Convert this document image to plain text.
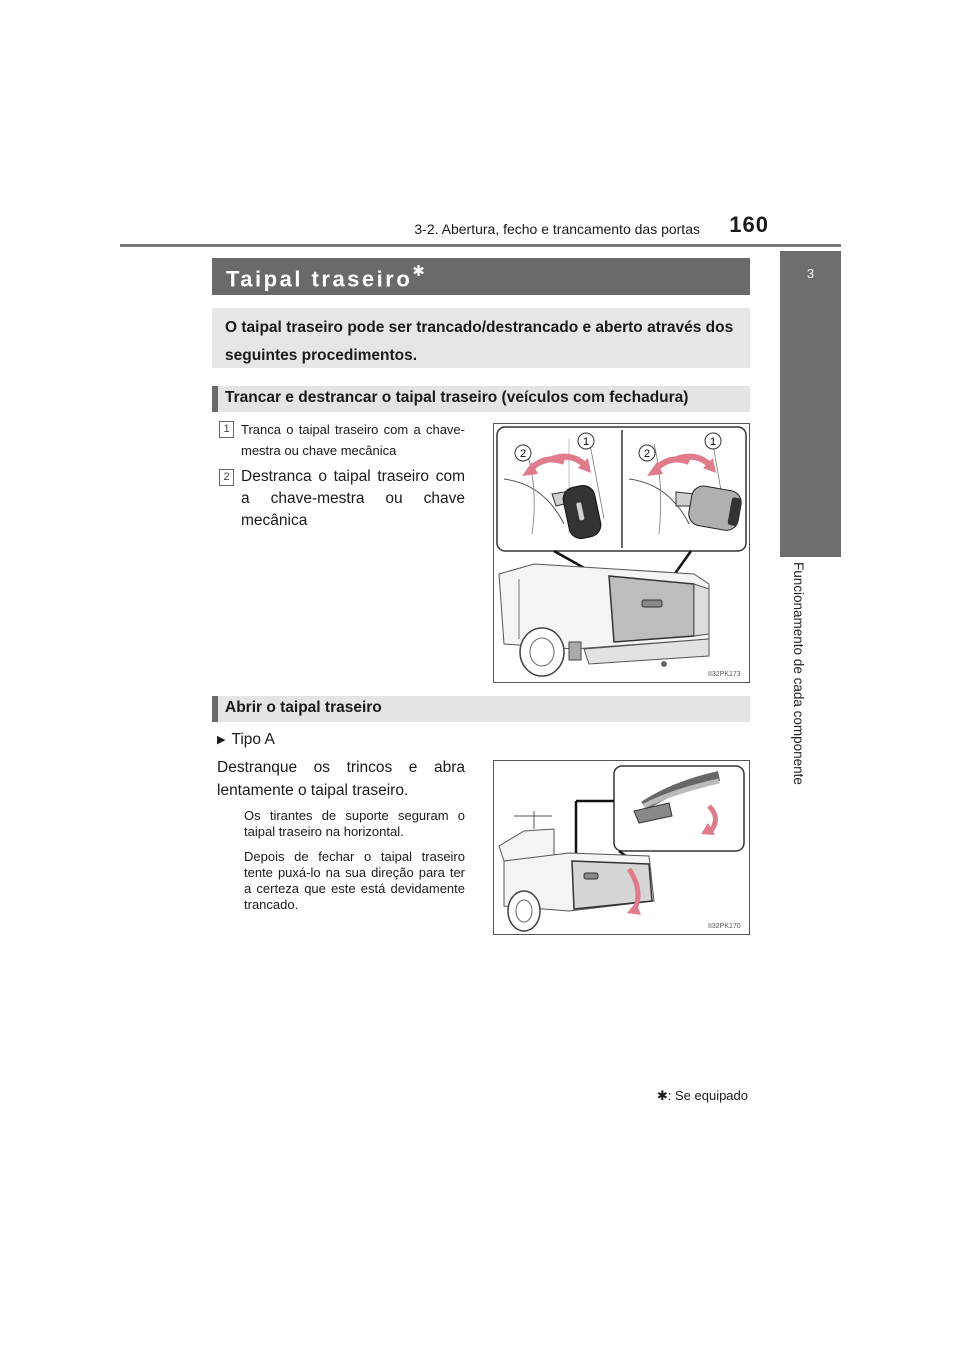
3-2. Abertura, fecho e trancamento das portas	160
3
Funcionamento de cada componente
Taipal traseiro✱
O taipal traseiro pode ser trancado/destrancado e aberto através dos seguintes procedimentos.
Trancar e destrancar o taipal traseiro (veículos com fechadura)
1 Tranca o taipal traseiro com a chave-mestra ou chave mecânica
2 Destranca o taipal traseiro com a chave-mestra ou chave mecânica
2
1
2
1
II32PK173
Abrir o taipal traseiro
▶ Tipo A
Destranque os trincos e abra lentamente o taipal traseiro.
Os tirantes de suporte seguram o taipal traseiro na horizontal.
Depois de fechar o taipal traseiro tente puxá-lo na sua direção para ter a certeza que este está devidamente trancado.
II32PK170
✱: Se equipado
